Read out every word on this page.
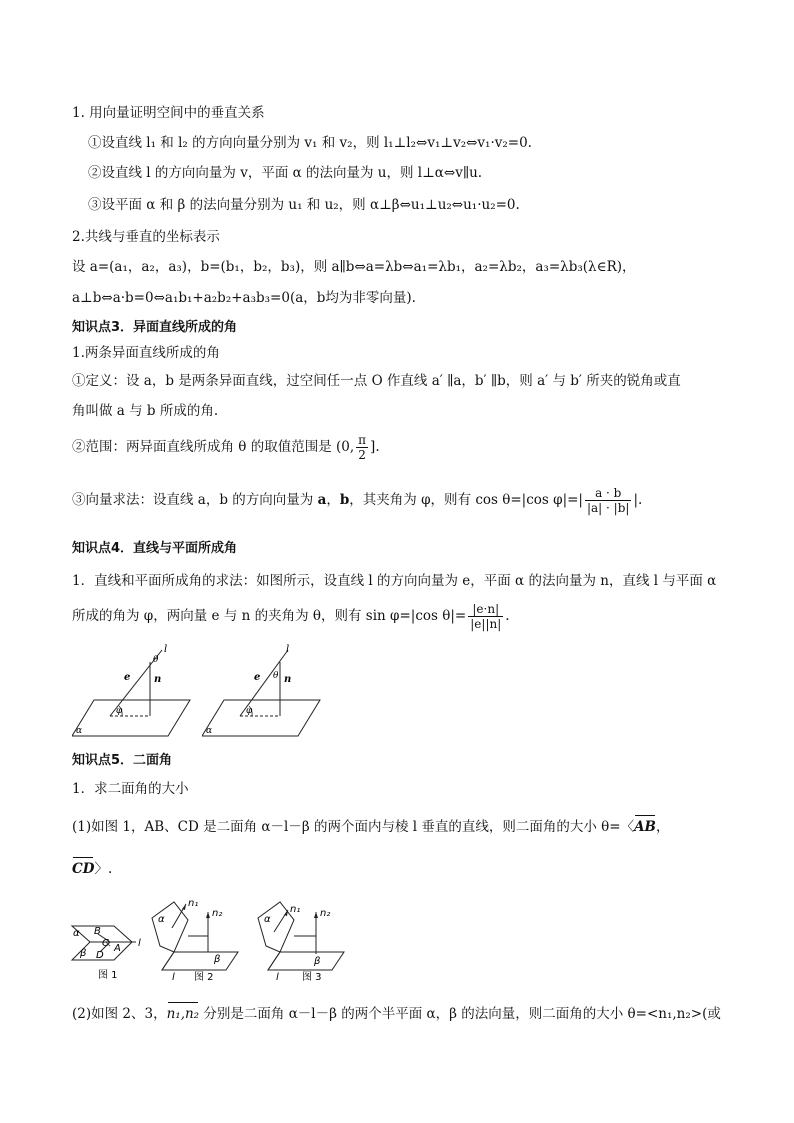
1. 用向量证明空间中的垂直关系
①设直线 l₁ 和 l₂ 的方向向量分别为 v₁ 和 v₂，则 l₁⊥l₂⇔v₁⊥v₂⇔v₁·v₂=0.
②设直线 l 的方向向量为 v，平面 α 的法向量为 u，则 l⊥α⇔v∥u.
③设平面 α 和 β 的法向量分别为 u₁ 和 u₂，则 α⊥β⇔u₁⊥u₂⇔u₁·u₂=0.
2.共线与垂直的坐标表示
设 a=(a₁，a₂，a₃)，b=(b₁，b₂，b₃)，则 a∥b⇔a=λb⇔a₁=λb₁，a₂=λb₂，a₃=λb₃(λ∈R)，
a⊥b⇔a·b=0⇔a₁b₁+a₂b₂+a₃b₃=0(a，b均为非零向量).
知识点3．异面直线所成的角
1.两条异面直线所成的角
①定义：设 a，b 是两条异面直线，过空间任一点 O 作直线 a′ ∥a，b′ ∥b，则 a′ 与 b′ 所夹的锐角或直
角叫做 a 与 b 所成的角.
②范围：两异面直线所成角 θ 的取值范围是 (0, $\frac{\pi}{2}$ ].
③向量求法：设直线 a，b 的方向向量为 a，b，其夹角为 φ，则有 cos θ=|cos $\varphi|=| \frac{a \cdot b}{|a| \cdot |b|}$ |.
知识点4．直线与平面所成角
1．直线和平面所成角的求法：如图所示，设直线 l 的方向向量为 e，平面 α 的法向量为 n，直线 l 与平面 α
所成的角为 φ，两向量 e 与 n 的夹角为 θ，则有 sin φ=|cos $\theta|= \frac{|e\cdot n|}{|e||n|}$ .
l
θ
e n
φ
α
l
θ
e n
φ
α
知识点5．二面角
1．求二面角的大小
(1)如图 1，AB、CD 是二面角 α－l－β 的两个面内与棱 l 垂直的直线，则二面角的大小 θ=〈AB，
CD〉.
α B
C A
D
β
l
图 1
α
n₁
n₂
β
l 图 2
α
n₁ n₂
β
l 图 3
(2)如图 2、3，n₁,n₂ 分别是二面角 α－l－β 的两个半平面 α，β 的法向量，则二面角的大小 θ=<n₁,n₂>(或
